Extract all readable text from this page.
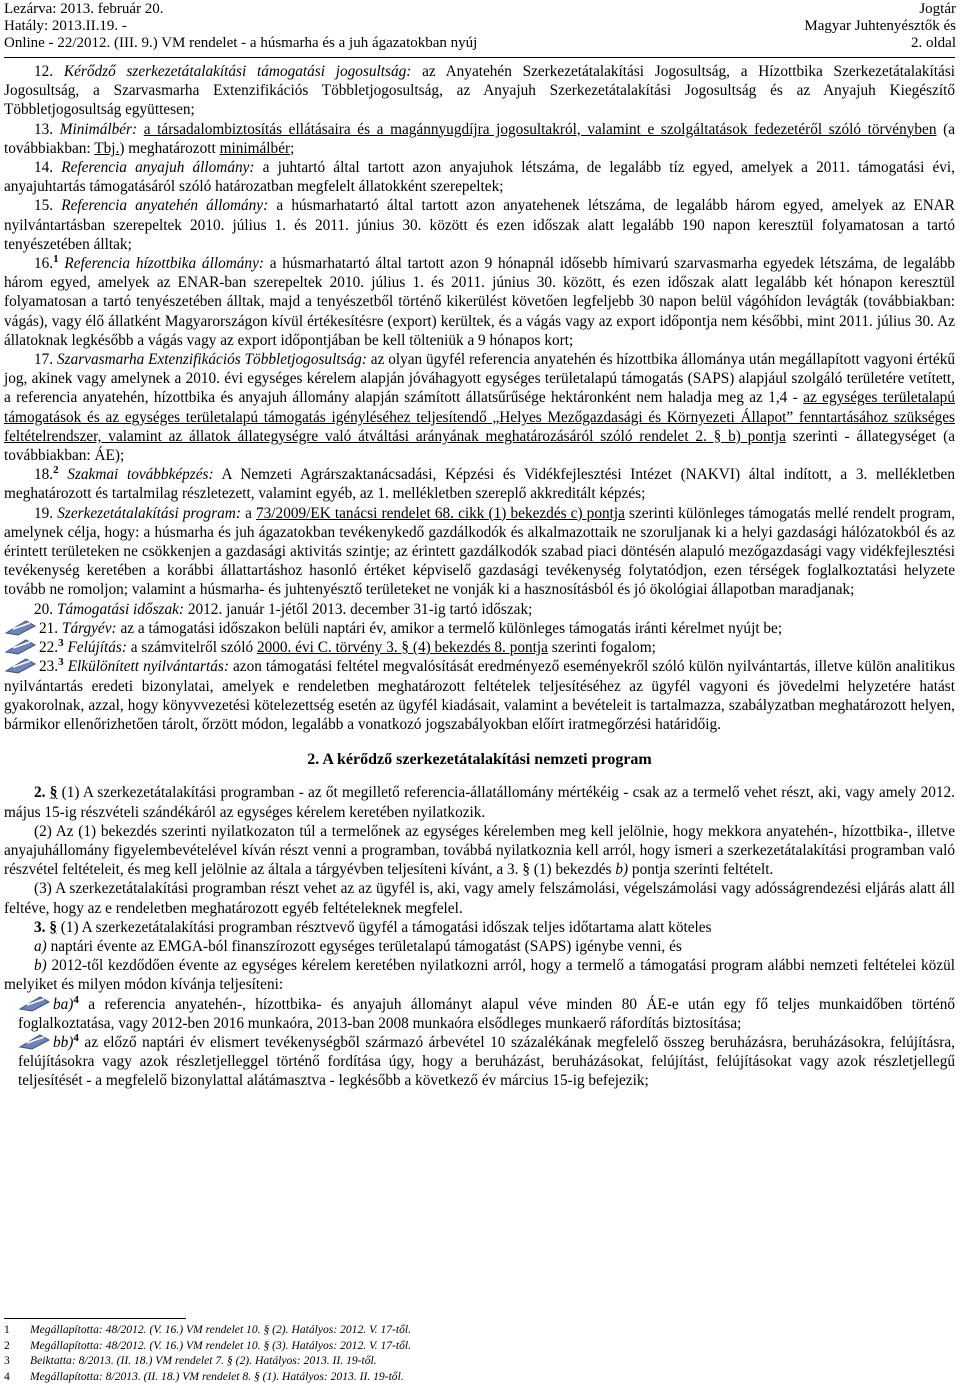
Lezárva: 2013. február 20.	Jogtár
Hatály: 2013.II.19. -	Magyar Juhtenyésztők és
Online - 22/2012. (III. 9.) VM rendelet - a húsmarha és a juh ágazatokban nyúj	2. oldal

12. Kérődző szerkezetátalakítási támogatási jogosultság: az Anyatehén Szerkezetátalakítási Jogosultság, a Hízottbika Szerkezetátalakítási Jogosultság, a Szarvasmarha Extenzifikációs Többletjogosultság, az Anyajuh Szerkezetátalakítási Jogosultság és az Anyajuh Kiegészítő Többletjogosultság együttesen;

13. Minimálbér: a társadalombiztosítás ellátásaira és a magánnyugdíjra jogosultakról, valamint e szolgáltatások fedezetéről szóló törvényben (a továbbiakban: Tbj.) meghatározott minimálbér;

14. Referencia anyajuh állomány: a juhtartó által tartott azon anyajuhok létszáma, de legalább tíz egyed, amelyek a 2011. támogatási évi, anyajuhtartás támogatásáról szóló határozatban megfelelt állatokként szerepeltek;

15. Referencia anyatehén állomány: a húsmarhatartó által tartott azon anyatehenek létszáma, de legalább három egyed, amelyek az ENAR nyilvántartásban szerepeltek 2010. július 1. és 2011. június 30. között és ezen időszak alatt legalább 190 napon keresztül folyamatosan a tartó tenyészetében álltak;

16.$^1$ Referencia hízottbika állomány: a húsmarhatartó által tartott azon 9 hónapnál idősebb hímivarú szarvasmarha egyedek létszáma, de legalább három egyed, amelyek az ENAR-ban szerepeltek 2010. július 1. és 2011. június 30. között, és ezen időszak alatt legalább két hónapon keresztül folyamatosan a tartó tenyészetében álltak, majd a tenyészetből történő kikerülést követően legfeljebb 30 napon belül vágóhídon levágták (továbbiakban: vágás), vagy élő állatként Magyarországon kívül értékesítésre (export) kerültek, és a vágás vagy az export időpontja nem későbbi, mint 2011. július 30. Az állatoknak legkésőbb a vágás vagy az export időpontjában be kell tölteniük a 9 hónapos kort;

17. Szarvasmarha Extenzifikációs Többletjogosultság: az olyan ügyfél referencia anyatehén és hízottbika állománya után megállapított vagyoni értékű jog, akinek vagy amelynek a 2010. évi egységes kérelem alapján jóváhagyott egységes területalapú támogatás (SAPS) alapjául szolgáló területére vetített, a referencia anyatehén, hízottbika és anyajuh állomány alapján számított állatsűrűsége hektáronként nem haladja meg az 1,4 - az egységes területalapú támogatások és az egységes területalapú támogatás igényléséhez teljesítendő „Helyes Mezőgazdasági és Környezeti Állapot” fenntartásához szükséges feltételrendszer, valamint az állatok állategységre való átváltási arányának meghatározásáról szóló rendelet 2. § b) pontja szerinti - állategységet (a továbbiakban: ÁE);

18.$^2$ Szakmai továbbképzés: A Nemzeti Agrárszaktanácsadási, Képzési és Vidékfejlesztési Intézet (NAKVI) által indított, a 3. mellékletben meghatározott és tartalmilag részletezett, valamint egyéb, az 1. mellékletben szereplő akkreditált képzés;

19. Szerkezetátalakítási program: a 73/2009/EK tanácsi rendelet 68. cikk (1) bekezdés c) pontja szerinti különleges támogatás mellé rendelt program, amelynek célja, hogy: a húsmarha és juh ágazatokban tevékenykedő gazdálkodók és alkalmazottaik ne szoruljanak ki a helyi gazdasági hálózatokból és az érintett területeken ne csökkenjen a gazdasági aktivitás szintje; az érintett gazdálkodók szabad piaci döntésén alapuló mezőgazdasági vagy vidékfejlesztési tevékenység keretében a korábbi állattartáshoz hasonló értéket képviselő gazdasági tevékenység folytatódjon, ezen térségek foglalkoztatási helyzete tovább ne romoljon; valamint a húsmarha- és juhtenyésztő területeket ne vonják ki a hasznosításból és jó ökológiai állapotban maradjanak;

20. Támogatási időszak: 2012. január 1-jétől 2013. december 31-ig tartó időszak;

21. Tárgyév: az a támogatási időszakon belüli naptári év, amikor a termelő különleges támogatás iránti kérelmet nyújt be;

22.$^3$ Felújítás: a számvitelről szóló 2000. évi C. törvény 3. § (4) bekezdés 8. pontja szerinti fogalom;

23.$^3$ Elkülönített nyilvántartás: azon támogatási feltétel megvalósítását eredményező eseményekről szóló külön nyilvántartás, illetve külön analitikus nyilvántartás eredeti bizonylatai, amelyek e rendeletben meghatározott feltételek teljesítéséhez az ügyfél vagyoni és jövedelmi helyzetére hatást gyakorolnak, azzal, hogy könyvvezetési kötelezettség esetén az ügyfél kiadásait, valamint a bevételeit is tartalmazza, szabályzatban meghatározott helyen, bármikor ellenőrizhetően tárolt, őrzött módon, legalább a vonatkozó jogszabályokban előírt iratmegőrzési határidőig.

2. A kérődző szerkezetátalakítási nemzeti program

2. § (1) A szerkezetátalakítási programban - az őt megillető referencia-állatállomány mértékéig - csak az a termelő vehet részt, aki, vagy amely 2012. május 15-ig részvételi szándékáról az egységes kérelem keretében nyilatkozik.

(2) Az (1) bekezdés szerinti nyilatkozaton túl a termelőnek az egységes kérelemben meg kell jelölnie, hogy mekkora anyatehén-, hízottbika-, illetve anyajuhállomány figyelembevételével kíván részt venni a programban, továbbá nyilatkoznia kell arról, hogy ismeri a szerkezetátalakítási programban való részvétel feltételeit, és meg kell jelölnie az általa a tárgyévben teljesíteni kívánt, a 3. § (1) bekezdés b) pontja szerinti feltételt.

(3) A szerkezetátalakítási programban részt vehet az az ügyfél is, aki, vagy amely felszámolási, végelszámolási vagy adósságrendezési eljárás alatt áll feltéve, hogy az e rendeletben meghatározott egyéb feltételeknek megfelel.

3. § (1) A szerkezetátalakítási programban résztvevő ügyfél a támogatási időszak teljes időtartama alatt köteles

a) naptári évente az EMGA-ból finanszírozott egységes területalapú támogatást (SAPS) igénybe venni, és

b) 2012-től kezdődően évente az egységes kérelem keretében nyilatkozni arról, hogy a termelő a támogatási program alábbi nemzeti feltételei közül melyiket és milyen módon kívánja teljesíteni:

ba)$^4$ a referencia anyatehén-, hízottbika- és anyajuh állományt alapul véve minden 80 ÁE-e után egy fő teljes munkaidőben történő foglalkoztatása, vagy 2012-ben 2016 munkaóra, 2013-ban 2008 munkaóra elsődleges munkaerő ráfordítás biztosítása;

bb)$^4$ az előző naptári év elismert tevékenységből származó árbevétel 10 százalékának megfelelő összeg beruházásra, beruházásokra, felújításra, felújításokra vagy azok részletjelleggel történő fordítása úgy, hogy a beruházást, beruházásokat, felújítást, felújításokat vagy azok részletjellegű teljesítését - a megfelelő bizonylattal alátámasztva - legkésőbb a következő év március 15-ig befejezik;

1 Megállapította: 48/2012. (V. 16.) VM rendelet 10. § (2). Hatályos: 2012. V. 17-től.
2 Megállapította: 48/2012. (V. 16.) VM rendelet 10. § (3). Hatályos: 2012. V. 17-től.
3 Beiktatta: 8/2013. (II. 18.) VM rendelet 7. § (2). Hatályos: 2013. II. 19-től.
4 Megállapította: 8/2013. (II. 18.) VM rendelet 8. § (1). Hatályos: 2013. II. 19-től.
